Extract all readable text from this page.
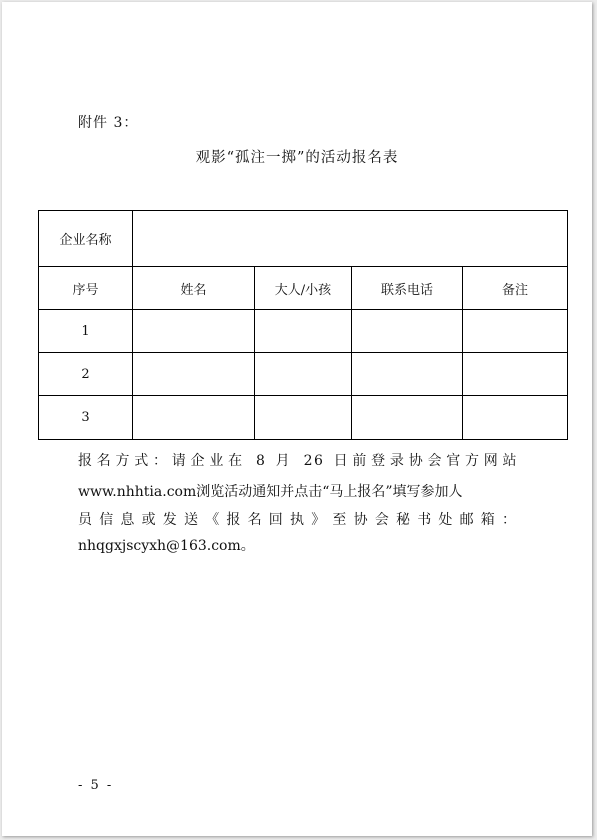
附件 3：
观影“孤注一掷”的活动报名表
企业名称				
序号	姓名	大人/小孩	联系电话	备注
1				
2				
3				
报名方式：请企业在 8 月 26 日前登录协会官方网站
www.nhhtia.com浏览活动通知并点击“马上报名”填写参加人
员信息或发送《报名回执》至协会秘书处邮箱：
nhqgxjscyxh@163.com。
- 5 -
